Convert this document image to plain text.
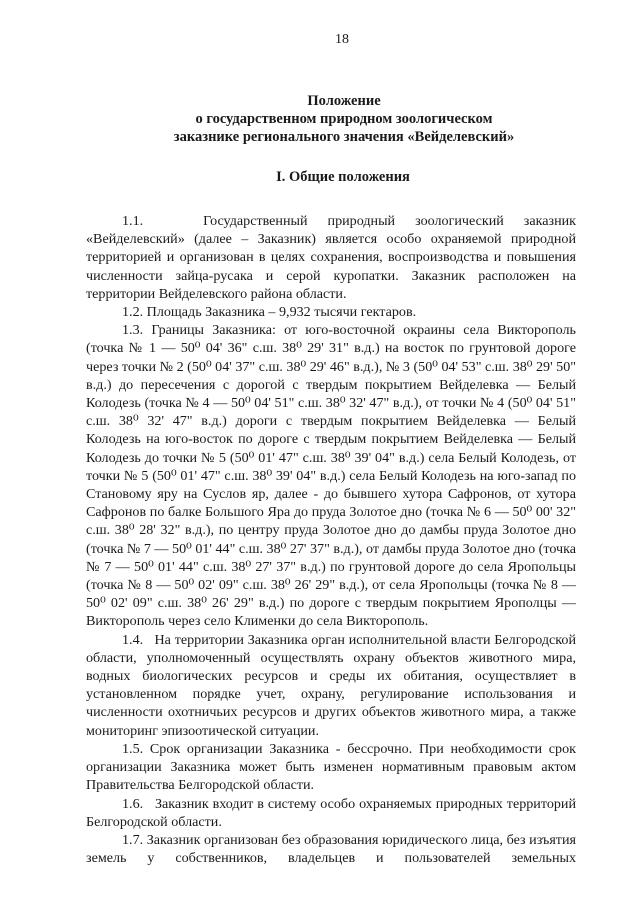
18

Положение

о государственном природном зоологическом

заказнике регионального значения «Вейделевский»

I. Общие положения

1.1.   Государственный природный зоологический заказник «Вейделевский» (далее – Заказник) является особо охраняемой природной территорией и организован в целях сохранения, воспроизводства и повышения численности зайца-русака и серой куропатки. Заказник расположен на территории Вейделевского района области.

1.2. Площадь Заказника – 9,932 тысячи гектаров.

1.3. Границы Заказника: от юго-восточной окраины села Викторополь (точка № 1 — 50⁰ 04' 36" с.ш. 38⁰ 29' 31" в.д.) на восток по грунтовой дороге через точки № 2 (50⁰ 04' 37" с.ш. 38⁰ 29' 46" в.д.), № 3 (50⁰ 04' 53" с.ш. 38⁰ 29' 50" в.д.) до пересечения с дорогой с твердым покрытием Вейделевка — Белый Колодезь (точка № 4 — 50⁰ 04' 51" с.ш. 38⁰ 32' 47" в.д.), от точки № 4 (50⁰ 04' 51" с.ш. 38⁰ 32' 47" в.д.) дороги с твердым покрытием Вейделевка — Белый Колодезь на юго-восток по дороге с твердым покрытием Вейделевка — Белый Колодезь до точки № 5 (50⁰ 01' 47" с.ш. 38⁰ 39' 04" в.д.) села Белый Колодезь, от точки № 5 (50⁰ 01' 47" с.ш. 38⁰ 39' 04" в.д.) села Белый Колодезь на юго-запад по Становому яру на Суслов яр, далее - до бывшего хутора Сафронов, от хутора Сафронов по балке Большого Яра до пруда Золотое дно (точка № 6 — 50⁰ 00' 32" с.ш. 38⁰ 28' 32" в.д.), по центру пруда Золотое дно до дамбы пруда Золотое дно (точка № 7 — 50⁰ 01' 44" с.ш. 38⁰ 27' 37" в.д.), от дамбы пруда Золотое дно (точка № 7 — 50⁰ 01' 44" с.ш. 38⁰ 27' 37" в.д.) по грунтовой дороге до села Яропольцы (точка № 8 — 50⁰ 02' 09" с.ш. 38⁰ 26' 29" в.д.), от села Яропольцы (точка № 8 — 50⁰ 02' 09" с.ш. 38⁰ 26' 29" в.д.) по дороге с твердым покрытием Ярополцы — Викторополь через село Клименки до села Викторополь.

1.4.   На территории Заказника орган исполнительной власти Белгородской области, уполномоченный осуществлять охрану объектов животного мира, водных биологических ресурсов и среды их обитания, осуществляет в установленном порядке учет, охрану, регулирование использования и численности охотничьих ресурсов и других объектов животного мира, а также мониторинг эпизоотической ситуации.

1.5. Срок организации Заказника - бессрочно. При необходимости срок организации Заказника может быть изменен нормативным правовым актом Правительства Белгородской области.

1.6.   Заказник входит в систему особо охраняемых природных территорий Белгородской области.

1.7. Заказник организован без образования юридического лица, без изъятия земель у собственников, владельцев и пользователей земельных
